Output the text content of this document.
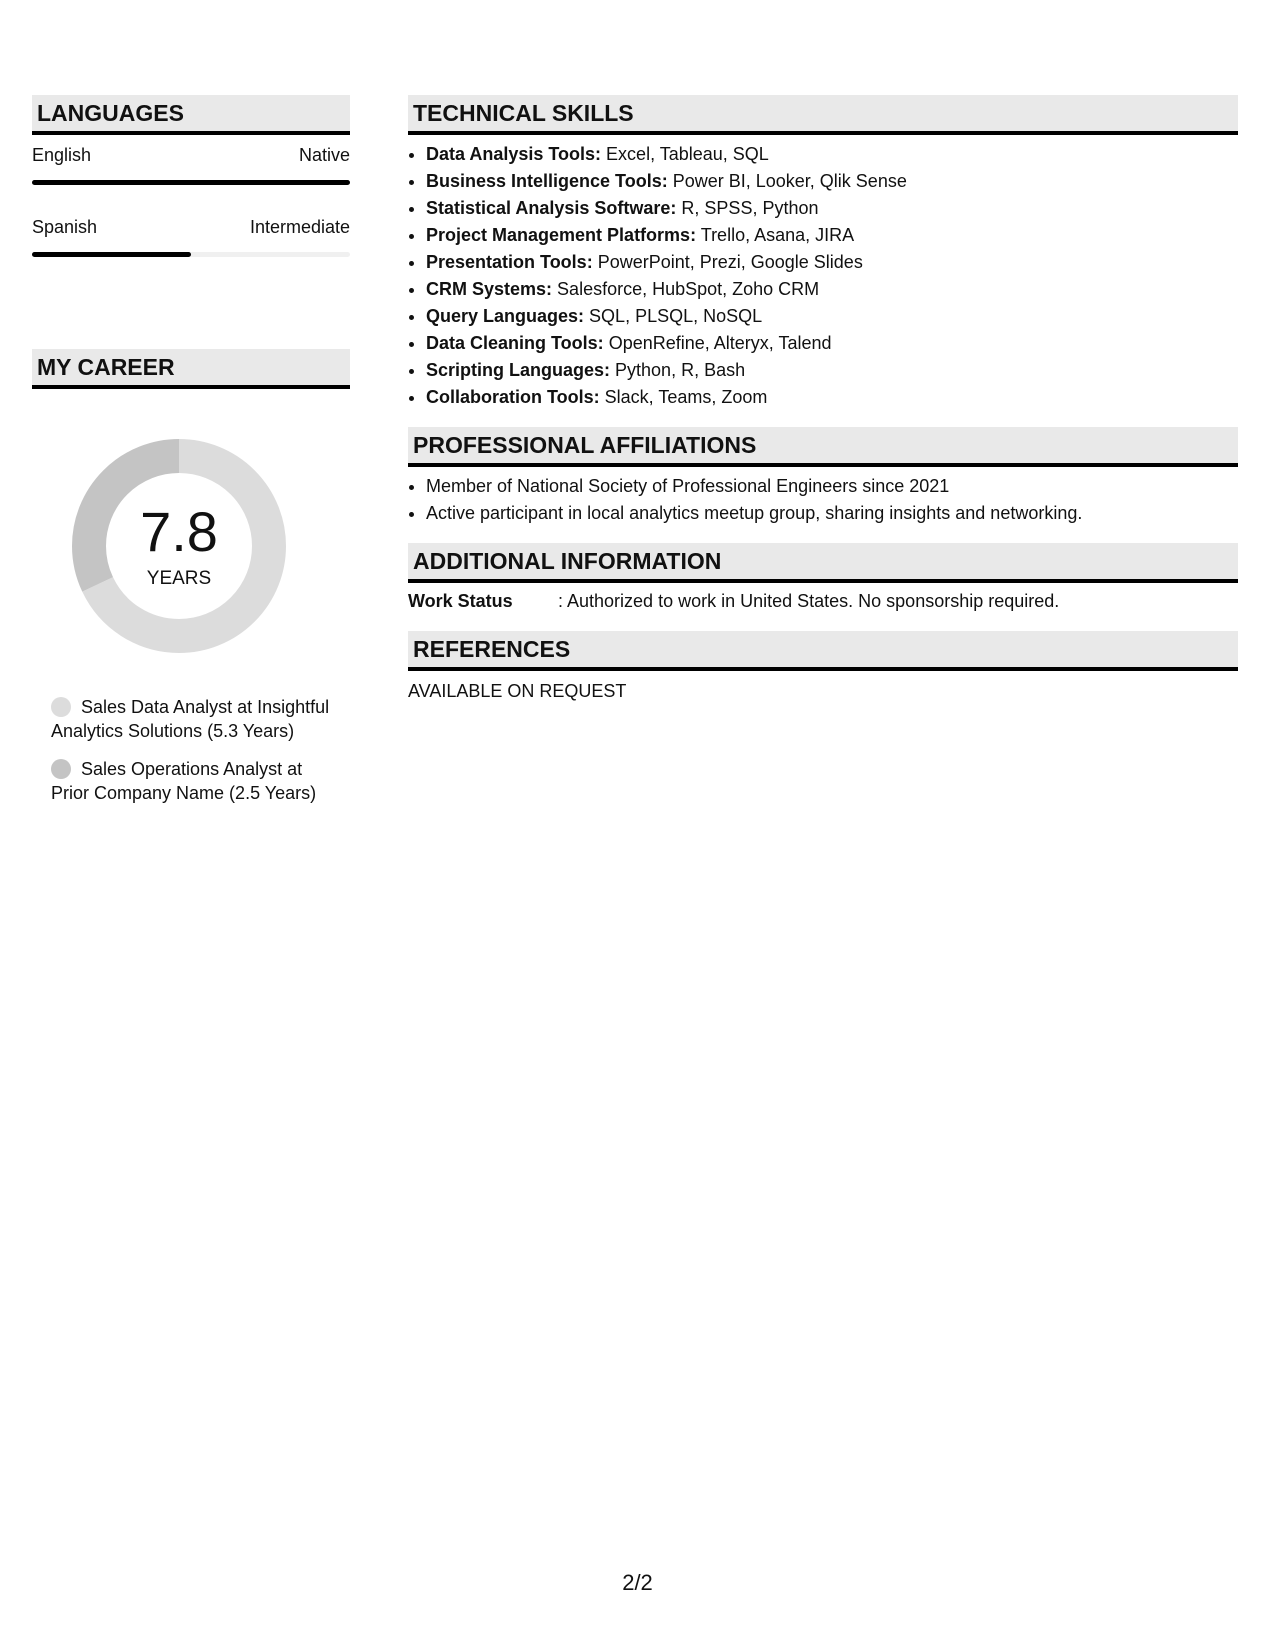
LANGUAGES
English	Native
Spanish	Intermediate
MY CAREER
7.8
YEARS
Sales Data Analyst at Insightful Analytics Solutions (5.3 Years)
Sales Operations Analyst at Prior Company Name (2.5 Years)
TECHNICAL SKILLS
• Data Analysis Tools: Excel, Tableau, SQL
• Business Intelligence Tools: Power BI, Looker, Qlik Sense
• Statistical Analysis Software: R, SPSS, Python
• Project Management Platforms: Trello, Asana, JIRA
• Presentation Tools: PowerPoint, Prezi, Google Slides
• CRM Systems: Salesforce, HubSpot, Zoho CRM
• Query Languages: SQL, PLSQL, NoSQL
• Data Cleaning Tools: OpenRefine, Alteryx, Talend
• Scripting Languages: Python, R, Bash
• Collaboration Tools: Slack, Teams, Zoom
PROFESSIONAL AFFILIATIONS
• Member of National Society of Professional Engineers since 2021
• Active participant in local analytics meetup group, sharing insights and networking.
ADDITIONAL INFORMATION
Work Status	: Authorized to work in United States. No sponsorship required.
REFERENCES
AVAILABLE ON REQUEST
2/2
